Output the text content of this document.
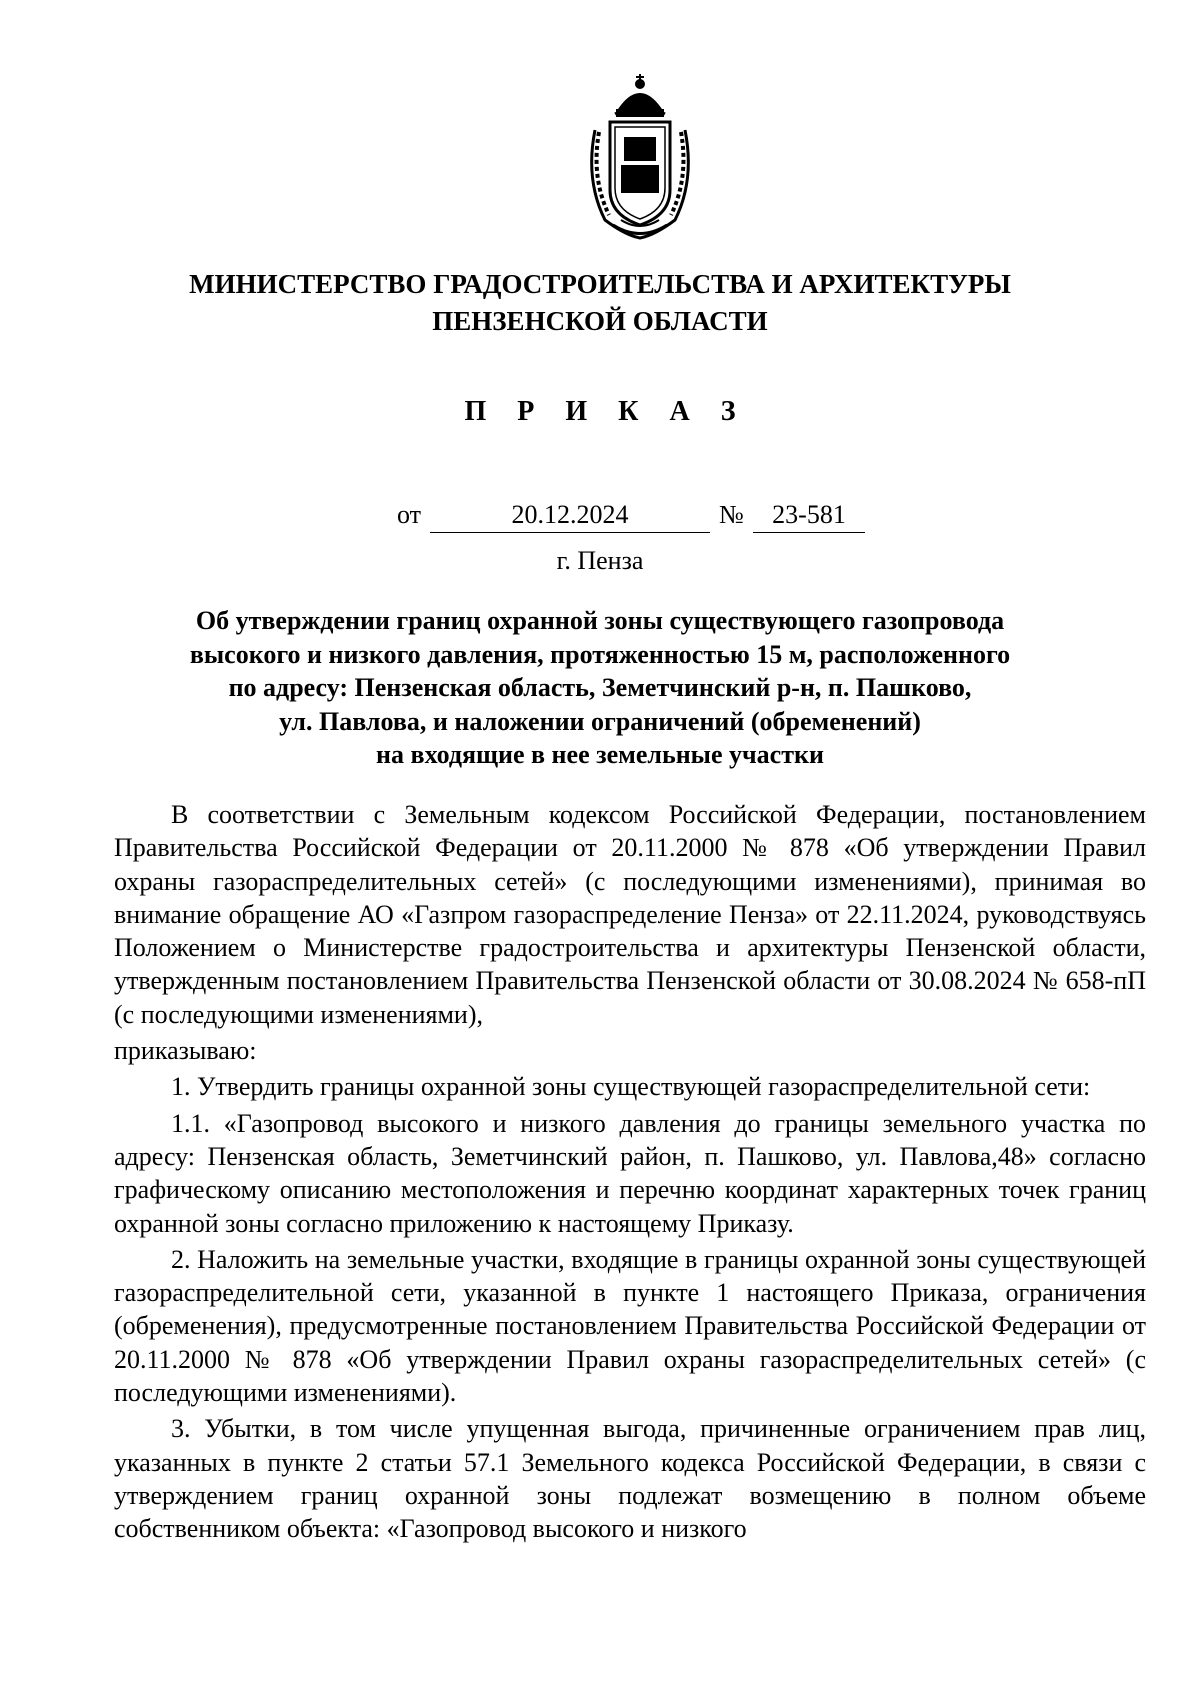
МИНИСТЕРСТВО ГРАДОСТРОИТЕЛЬСТВА И АРХИТЕКТУРЫ
ПЕНЗЕНСКОЙ ОБЛАСТИ
П Р И К А З
от	20.12.2024	№	23-581
г. Пенза
Об утверждении границ охранной зоны существующего газопровода
высокого и низкого давления, протяженностью 15 м, расположенного
по адресу: Пензенская область, Земетчинский р-н, п. Пашково,
ул. Павлова, и наложении ограничений (обременений)
на входящие в нее земельные участки

В соответствии с Земельным кодексом Российской Федерации, постановлением Правительства Российской Федерации от 20.11.2000 № 878 «Об утверждении Правил охраны газораспределительных сетей» (с последующими изменениями), принимая во внимание обращение АО «Газпром газораспределение Пенза» от 22.11.2024, руководствуясь Положением о Министерстве градостроительства и архитектуры Пензенской области, утвержденным постановлением Правительства Пензенской области от 30.08.2024 № 658-пП (с последующими изменениями),

приказываю:

1. Утвердить границы охранной зоны существующей газораспределительной сети:

1.1. «Газопровод высокого и низкого давления до границы земельного участка по адресу: Пензенская область, Земетчинский район, п. Пашково, ул. Павлова,48» согласно графическому описанию местоположения и перечню координат характерных точек границ охранной зоны согласно приложению к настоящему Приказу.

2. Наложить на земельные участки, входящие в границы охранной зоны существующей газораспределительной сети, указанной в пункте 1 настоящего Приказа, ограничения (обременения), предусмотренные постановлением Правительства Российской Федерации от 20.11.2000 № 878 «Об утверждении Правил охраны газораспределительных сетей» (с последующими изменениями).

3. Убытки, в том числе упущенная выгода, причиненные ограничением прав лиц, указанных в пункте 2 статьи 57.1 Земельного кодекса Российской Федерации, в связи с утверждением границ охранной зоны подлежат возмещению в полном объеме собственником объекта: «Газопровод высокого и низкого
